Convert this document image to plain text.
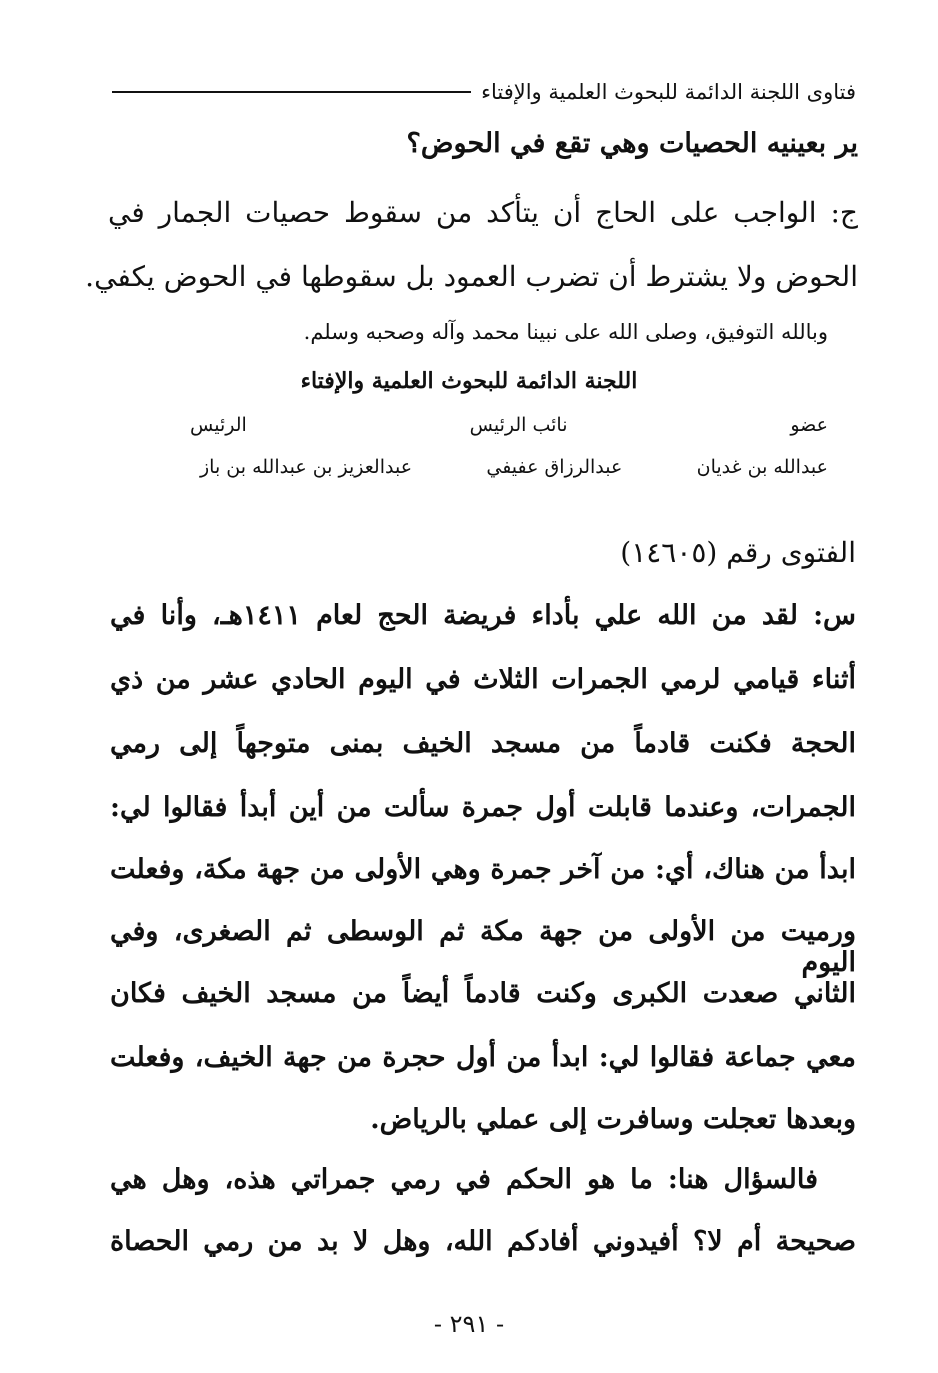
فتاوى اللجنة الدائمة للبحوث العلمية والإفتاء
ير بعينيه الحصيات وهي تقع في الحوض؟
ج: الواجب على الحاج أن يتأكد من سقوط حصيات الجمار في
الحوض ولا يشترط أن تضرب العمود بل سقوطها في الحوض يكفي.
وبالله التوفيق، وصلى الله على نبينا محمد وآله وصحبه وسلم.
اللجنة الدائمة للبحوث العلمية والإفتاء
عضو
نائب الرئيس
الرئيس
عبدالله بن غديان
عبدالرزاق عفيفي
عبدالعزيز بن عبدالله بن باز
الفتوى رقم (١٤٦٠٥)
س: لقد من الله علي بأداء فريضة الحج لعام ١٤١١هـ، وأنا في
أثناء قيامي لرمي الجمرات الثلاث في اليوم الحادي عشر من ذي
الحجة فكنت قادماً من مسجد الخيف بمنى متوجهاً إلى رمي
الجمرات، وعندما قابلت أول جمرة سألت من أين أبدأ فقالوا لي:
ابدأ من هناك، أي: من آخر جمرة وهي الأولى من جهة مكة، وفعلت
ورميت من الأولى من جهة مكة ثم الوسطى ثم الصغرى، وفي اليوم
الثاني صعدت الكبرى وكنت قادماً أيضاً من مسجد الخيف فكان
معي جماعة فقالوا لي: ابدأ من أول حجرة من جهة الخيف، وفعلت
وبعدها تعجلت وسافرت إلى عملي بالرياض.
فالسؤال هنا: ما هو الحكم في رمي جمراتي هذه، وهل هي
صحيحة أم لا؟ أفيدوني أفادكم الله، وهل لا بد من رمي الحصاة
- ٢٩١ -
